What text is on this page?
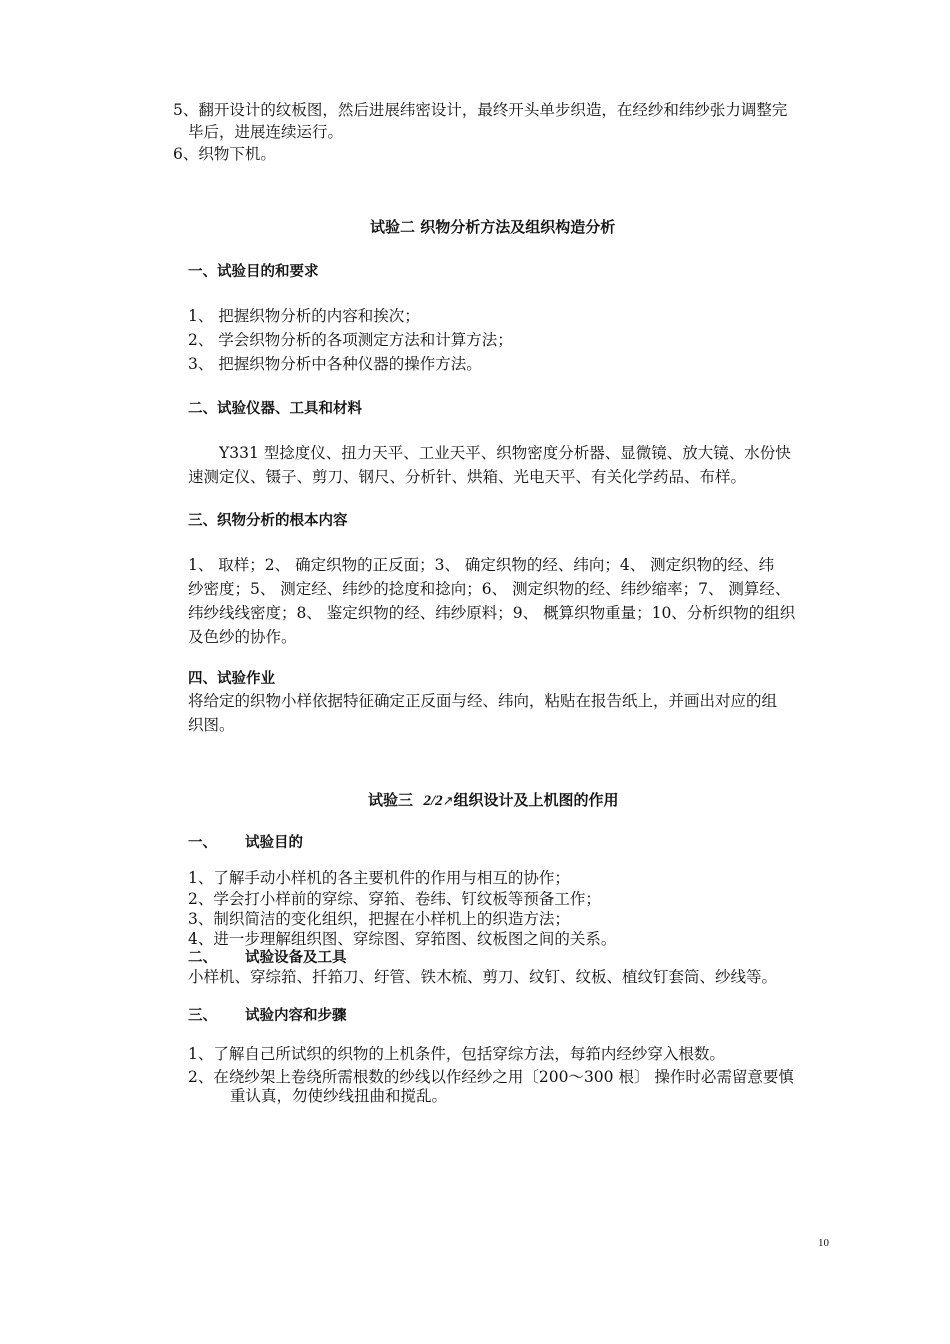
5、翻开设计的纹板图，然后进展纬密设计，最终开头单步织造，在经纱和纬纱张力调整完
毕后，进展连续运行。
6、织物下机。
试验二 织物分析方法及组织构造分析
一、试验目的和要求
1、 把握织物分析的内容和挨次；
2、 学会织物分析的各项测定方法和计算方法；
3、 把握织物分析中各种仪器的操作方法。
二、试验仪器、工具和材料
Y331 型捻度仪、扭力天平、工业天平、织物密度分析器、显微镜、放大镜、水份快
速测定仪、镊子、剪刀、钢尺、分析针、烘箱、光电天平、有关化学药品、布样。
三、织物分析的根本内容
1、 取样；2、 确定织物的正反面；3、 确定织物的经、纬向；4、 测定织物的经、纬
纱密度；5、 测定经、纬纱的捻度和捻向；6、 测定织物的经、纬纱缩率；7、 测算经、
纬纱线线密度；8、 鉴定织物的经、纬纱原料；9、 概算织物重量；10、分析织物的组织
及色纱的协作。
四、试验作业
将给定的织物小样依据特征确定正反面与经、纬向，粘贴在报告纸上，并画出对应的组
织图。
试验三  2/2↗组织设计及上机图的作用
一、 试验目的
1、了解手动小样机的各主要机件的作用与相互的协作；
2、学会打小样前的穿综、穿筘、卷纬、钉纹板等预备工作；
3、制织简洁的变化组织，把握在小样机上的织造方法；
4、进一步理解组织图、穿综图、穿筘图、纹板图之间的关系。
二、 试验设备及工具
小样机、穿综筘、扦筘刀、纡管、铁木梳、剪刀、纹钉、纹板、植纹钉套筒、纱线等。
三、 试验内容和步骤
1、了解自己所试织的织物的上机条件，包括穿综方法，每筘内经纱穿入根数。
2、在绕纱架上卷绕所需根数的纱线以作经纱之用〔200～300 根〕 操作时必需留意要慎
重认真，勿使纱线扭曲和搅乱。
10
